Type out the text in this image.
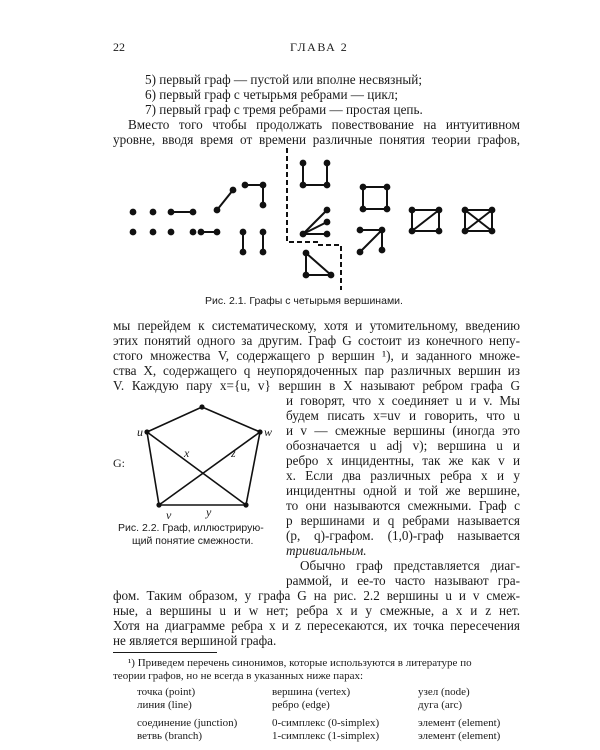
22	ГЛАВА 2
5) первый граф — пустой или вполне несвязный;
6) первый граф с четырьмя ребрами — цикл;
7) первый граф с тремя ребрами — простая цепь.
Вместо того чтобы продолжать повествование на интуитивном
уровне, вводя время от времени различные понятия теории графов,
Рис. 2.1. Графы с четырьмя вершинами.
мы перейдем к систематическому, хотя и утомительному, введению
этих понятий одного за другим. Граф G состоит из конечного непу-
стого множества V, содержащего p вершин ¹), и заданного множе-
ства X, содержащего q неупорядоченных пар различных вершин из
V. Каждую пару x={u, v} вершин в X называют ребром графа G
и говорят, что x соединяет u и v. Мы
будем писать x=uv и говорить, что u
и v — смежные вершины (иногда это
обозначается u adj v); вершина u и
ребро x инцидентны, так же как v и
x. Если два различных ребра x и y
инцидентны одной и той же вершине,
то они называются смежными. Граф с
p вершинами и q ребрами называется
(p, q)-графом. (1,0)-граф называется
тривиальным.
Обычно граф представляется диаг-
раммой, и ее-то часто называют гра-
G:
u
v
w
x
y
z
Рис. 2.2. Граф, иллюстрирую-
щий понятие смежности.
фом. Таким образом, у графа G на рис. 2.2 вершины u и v смеж-
ные, а вершины u и w нет; ребра x и y смежные, а x и z нет.
Хотя на диаграмме ребра x и z пересекаются, их точка пересечения
не является вершиной графа.
¹) Приведем перечень синонимов, которые используются в литературе по
теории графов, но не всегда в указанных ниже парах:
точка (point)	вершина (vertex)	узел (node)
линия (line)	ребро (edge)	дуга (arc)
соединение (junction)	0-симплекс (0-simplex)	элемент (element)
ветвь (branch)	1-симплекс (1-simplex)	элемент (element)
